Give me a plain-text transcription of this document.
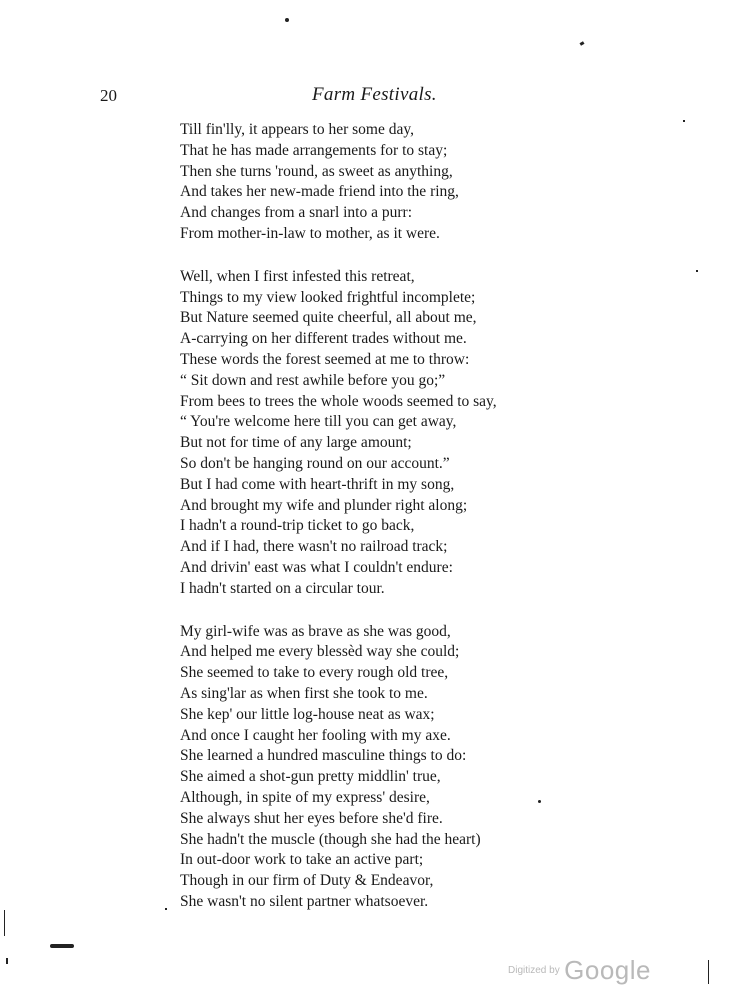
20	Farm Festivals.
Till fin'lly, it appears to her some day,
That he has made arrangements for to stay;
Then she turns 'round, as sweet as anything,
And takes her new-made friend into the ring,
And changes from a snarl into a purr:
From mother-in-law to mother, as it were.
Well, when I first infested this retreat,
Things to my view looked frightful incomplete;
But Nature seemed quite cheerful, all about me,
A-carrying on her different trades without me.
These words the forest seemed at me to throw:
“ Sit down and rest awhile before you go;”
From bees to trees the whole woods seemed to say,
“ You're welcome here till you can get away,
But not for time of any large amount;
So don't be hanging round on our account.”
But I had come with heart-thrift in my song,
And brought my wife and plunder right along;
I hadn't a round-trip ticket to go back,
And if I had, there wasn't no railroad track;
And drivin' east was what I couldn't endure:
I hadn't started on a circular tour.
My girl-wife was as brave as she was good,
And helped me every blessèd way she could;
She seemed to take to every rough old tree,
As sing'lar as when first she took to me.
She kep' our little log-house neat as wax;
And once I caught her fooling with my axe.
She learned a hundred masculine things to do:
She aimed a shot-gun pretty middlin' true,
Although, in spite of my express' desire,
She always shut her eyes before she'd fire.
She hadn't the muscle (though she had the heart)
In out-door work to take an active part;
Though in our firm of Duty & Endeavor,
She wasn't no silent partner whatsoever.
Digitized by Google
